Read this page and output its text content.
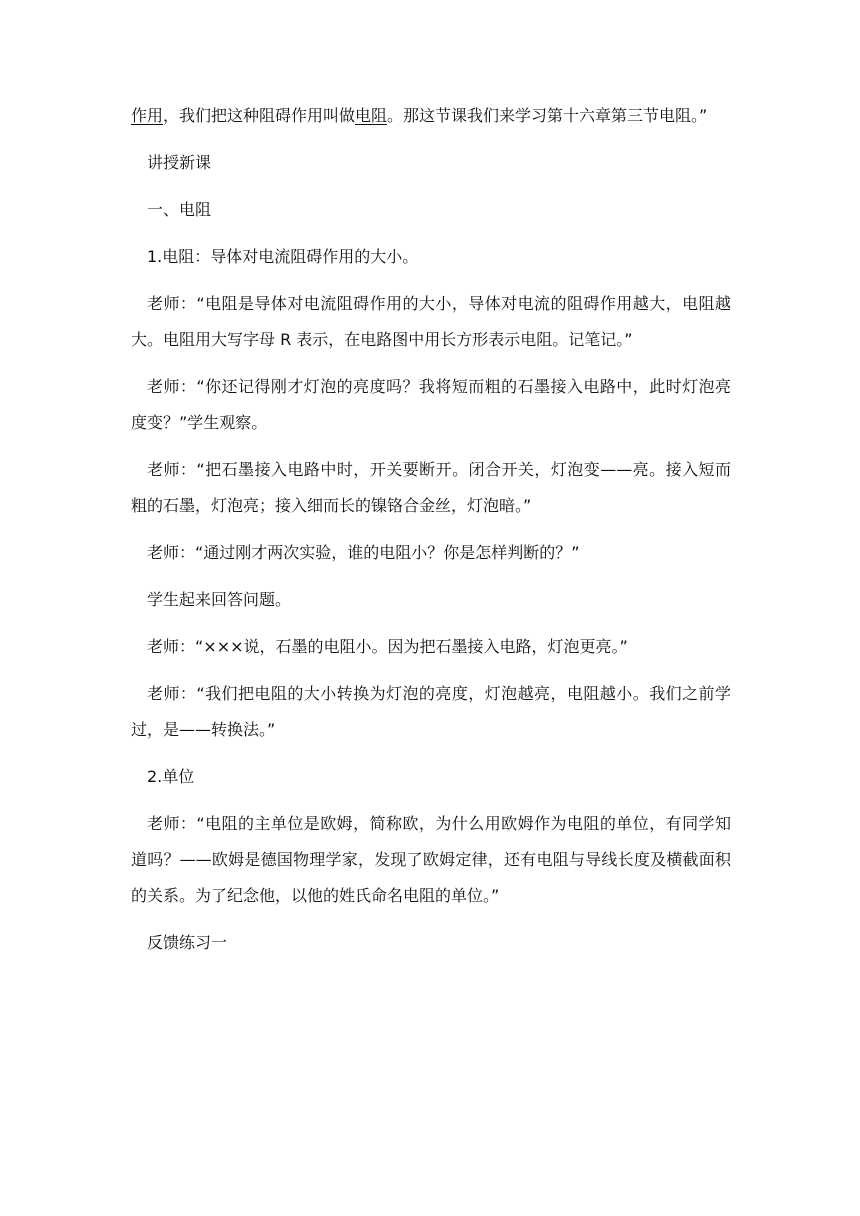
作用，我们把这种阻碍作用叫做电阻。那这节课我们来学习第十六章第三节电阻。”

讲授新课

一、电阻

1.电阻：导体对电流阻碍作用的大小。

老师：“电阻是导体对电流阻碍作用的大小，导体对电流的阻碍作用越大，电阻越大。电阻用大写字母 R 表示，在电路图中用长方形表示电阻。记笔记。”

老师：“你还记得刚才灯泡的亮度吗？我将短而粗的石墨接入电路中，此时灯泡亮度变？”学生观察。

老师：“把石墨接入电路中时，开关要断开。闭合开关，灯泡变——亮。接入短而粗的石墨，灯泡亮；接入细而长的镍铬合金丝，灯泡暗。”

老师：“通过刚才两次实验，谁的电阻小？你是怎样判断的？”

学生起来回答问题。

老师：“×××说，石墨的电阻小。因为把石墨接入电路，灯泡更亮。”

老师：“我们把电阻的大小转换为灯泡的亮度，灯泡越亮，电阻越小。我们之前学过，是——转换法。”

2.单位

老师：“电阻的主单位是欧姆，简称欧，为什么用欧姆作为电阻的单位，有同学知道吗？——欧姆是德国物理学家，发现了欧姆定律，还有电阻与导线长度及横截面积的关系。为了纪念他，以他的姓氏命名电阻的单位。”

反馈练习一
